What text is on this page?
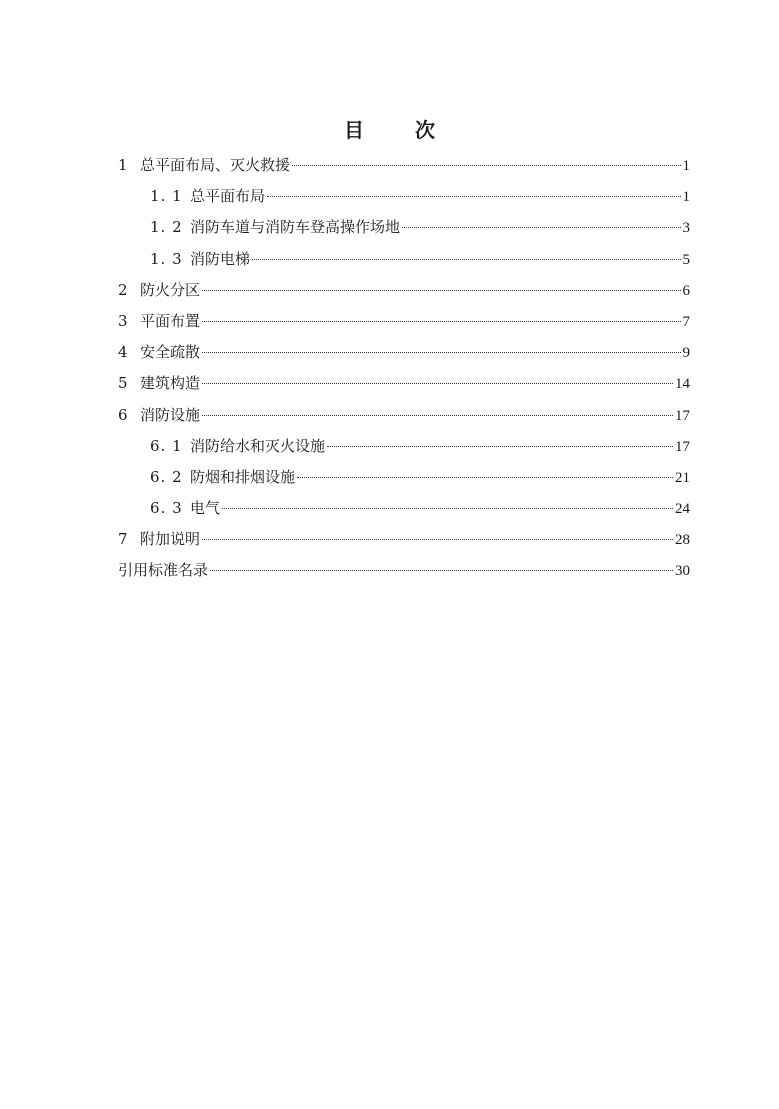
目 次
1 总平面布局、灭火救援	1
1. 1 总平面布局	1
1. 2 消防车道与消防车登高操作场地	3
1. 3 消防电梯	5
2 防火分区	6
3 平面布置	7
4 安全疏散	9
5 建筑构造	14
6 消防设施	17
6. 1 消防给水和灭火设施	17
6. 2 防烟和排烟设施	21
6. 3 电气	24
7 附加说明	28
引用标准名录	30
